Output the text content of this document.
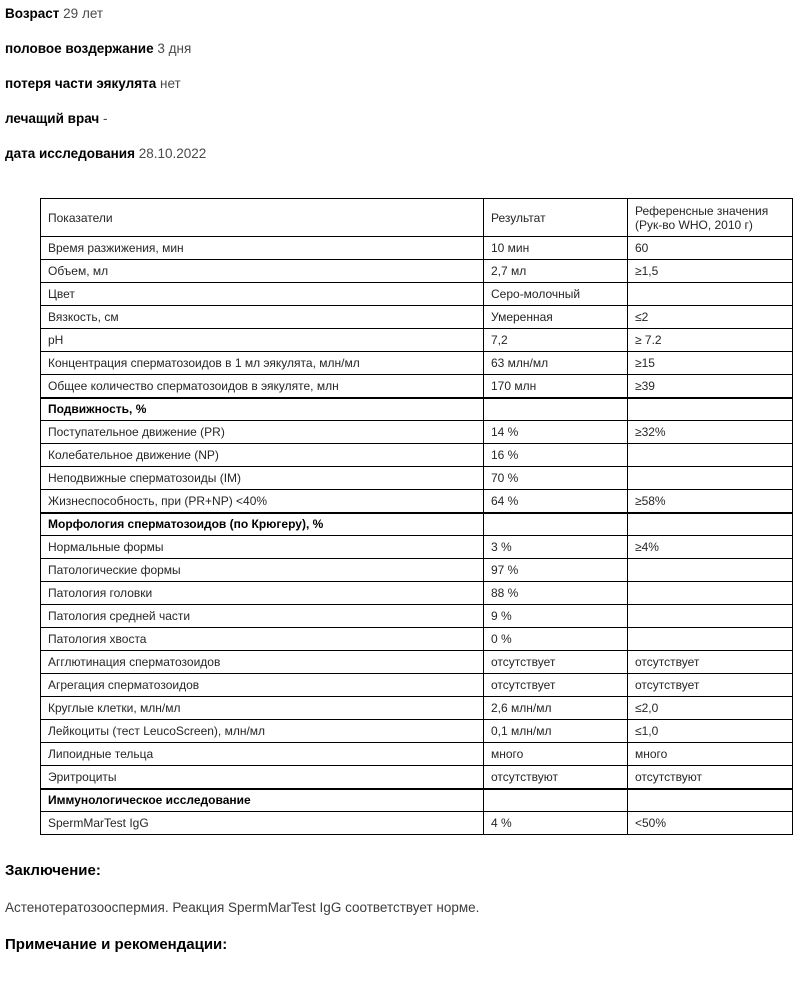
Возраст 29 лет
половое воздержание 3 дня
потеря части эякулята нет
лечащий врач -
дата исследования 28.10.2022
Показатели	Результат	Референсные значения
(Рук-во WHO, 2010 г)
Время разжижения, мин	10 мин	60
Объем, мл	2,7 мл	≥1,5
Цвет	Серо-молочный	
Вязкость, см	Умеренная	≤2
pH	7,2	≥ 7.2
Концентрация сперматозоидов в 1 мл эякулята, млн/мл	63 млн/мл	≥15
Общее количество сперматозоидов в эякуляте, млн	170 млн	≥39
Подвижность, %		
Поступательное движение (PR)	14 %	≥32%
Колебательное движение (NP)	16 %	
Неподвижные сперматозоиды (IM)	70 %	
Жизнеспособность, при (PR+NP) <40%	64 %	≥58%
Морфология сперматозоидов (по Крюгеру), %		
Нормальные формы	3 %	≥4%
Патологические формы	97 %	
Патология головки	88 %	
Патология средней части	9 %	
Патология хвоста	0 %	
Агглютинация сперматозоидов	отсутствует	отсутствует
Агрегация сперматозоидов	отсутствует	отсутствует
Круглые клетки, млн/мл	2,6 млн/мл	≤2,0
Лейкоциты (тест LeucoScreen), млн/мл	0,1 млн/мл	≤1,0
Липоидные тельца	много	много
Эритроциты	отсутствуют	отсутствуют
Иммунологическое исследование		
SpermMarTest IgG	4 %	<50%
Заключение:
Астенотератозооспермия. Реакция SpermMarTest IgG соответствует норме.
Примечание и рекомендации:
